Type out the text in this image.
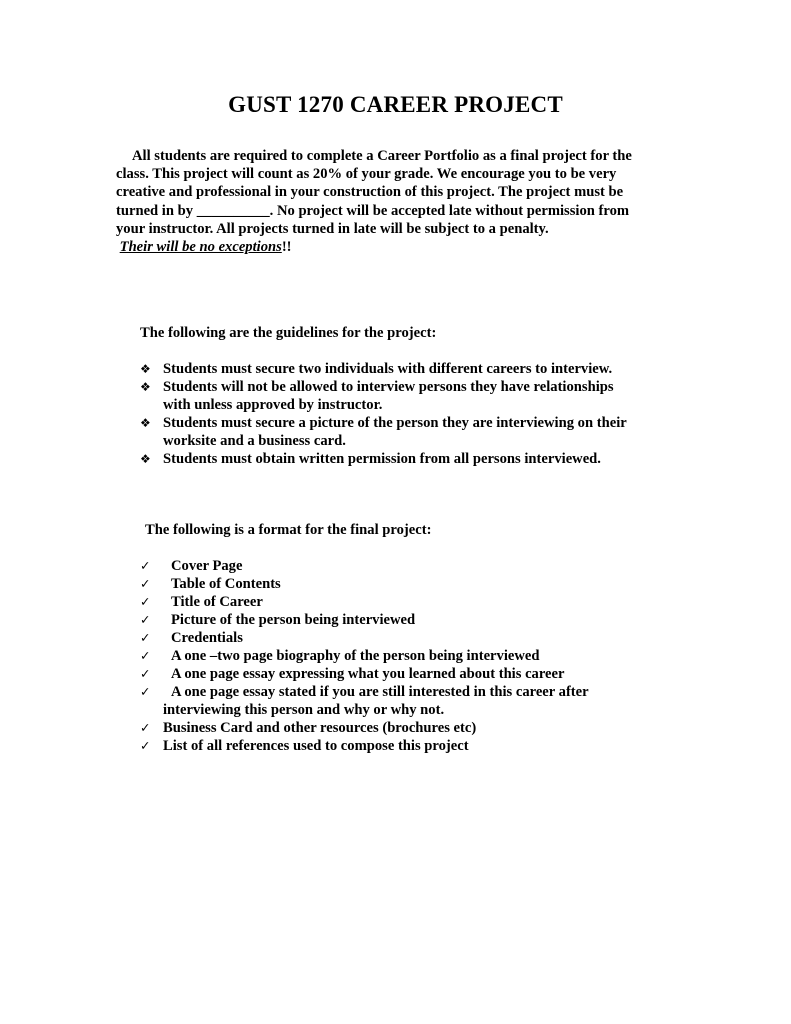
GUST 1270 CAREER PROJECT
All students are required to complete a Career Portfolio as a final project for the
class. This project will count as 20% of your grade. We encourage you to be very
creative and professional in your construction of this project. The project must be
turned in by __________. No project will be accepted late without permission from
your instructor. All projects turned in late will be subject to a penalty.
Their will be no exceptions!!
The following are the guidelines for the project:
❖ Students must secure two individuals with different careers to interview.
❖ Students will not be allowed to interview persons they have relationships
with unless approved by instructor.
❖ Students must secure a picture of the person they are interviewing on their
worksite and a business card.
❖ Students must obtain written permission from all persons interviewed.
The following is a format for the final project:
✓ Cover Page
✓ Table of Contents
✓ Title of Career
✓ Picture of the person being interviewed
✓ Credentials
✓ A one –two page biography of the person being interviewed
✓ A one page essay expressing what you learned about this career
✓ A one page essay stated if you are still interested in this career after
interviewing this person and why or why not.
✓ Business Card and other resources (brochures etc)
✓ List of all references used to compose this project
